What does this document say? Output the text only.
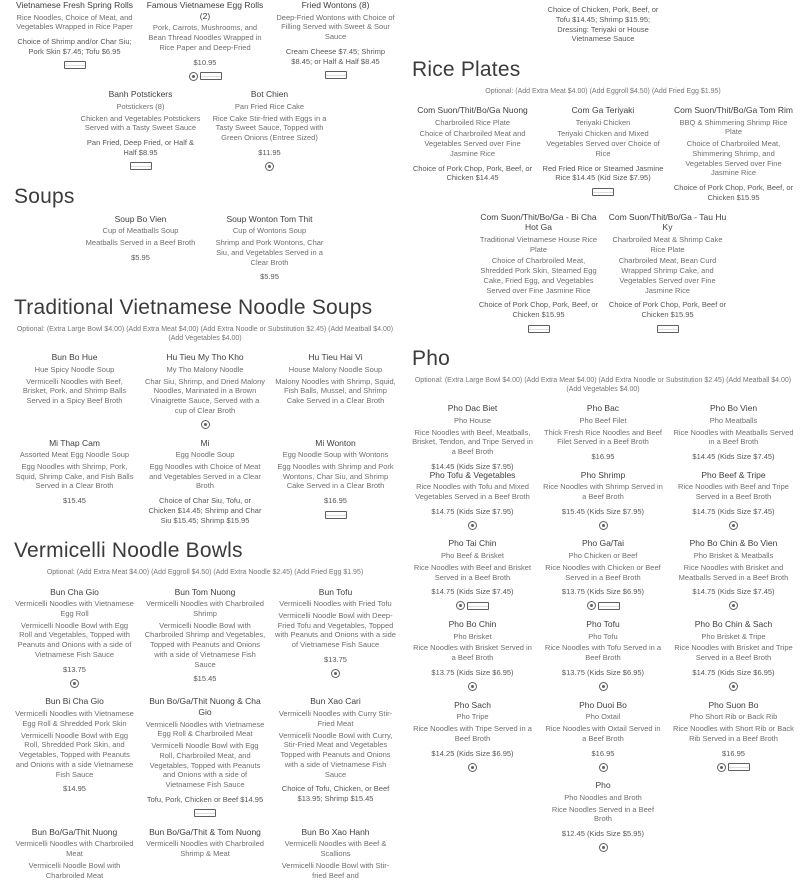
Vietnamese Fresh Spring Rolls
Rice Noodles, Choice of Meat, and Vegetables Wrapped in Rice Paper
Choice of Shrimp and/or Char Siu; Pork Skin $7.45; Tofu $6.95
Famous Vietnamese Egg Rolls (2)
Pork, Carrots, Mushrooms, and Bean Thread Noodles Wrapped in Rice Paper and Deep-Fried
$10.95
Fried Wontons (8)
Deep-Fried Wontons with Choice of Filling Served with Sweet & Sour Sauce
Cream Cheese $7.45; Shrimp $8.45; or Half & Half $8.45
Banh Potstickers
Potstickers (8)
Chicken and Vegetables Potstickers Served with a Tasty Sweet Sauce
Pan Fried, Deep Fried, or Half & Half $8.95
Bot Chien
Pan Fried Rice Cake
Rice Cake Stir-fried with Eggs in a Tasty Sweet Sauce, Topped with Green Onions (Entree Sized)
$11.95
Soups
Soup Bo Vien
Cup of Meatballs Soup
Meatballs Served in a Beef Broth
$5.95
Soup Wonton Tom Thit
Cup of Wontons Soup
Shrimp and Pork Wontons, Char Siu, and Vegetables Served in a Clear Broth
$5.95
Traditional Vietnamese Noodle Soups
Optional: (Extra Large Bowl $4.00) (Add Extra Meat $4.00) (Add Extra Noodle or Substitution $2.45) (Add Meatball $4.00) (Add Vegetables $4.00)
Bun Bo Hue
Hue Spicy Noodle Soup
Vermicelli Noodles with Beef, Brisket, Pork, and Shrimp Balls Served in a Spicy Beef Broth
Hu Tieu My Tho Kho
My Tho Malony Noodle
Char Siu, Shrimp, and Dried Malony Noodles, Marinated in a Brown Vinaigrette Sauce, Served with a cup of Clear Broth
Hu Tieu Hai Vi
House Malony Noodle Soup
Malony Noodles with Shrimp, Squid, Fish Balls, Mussel, and Shrimp Cake Served in a Clear Broth
Mi Thap Cam
Assorted Meat Egg Noodle Soup
Egg Noodles with Shrimp, Pork, Squid, Shrimp Cake, and Fish Balls Served in a Clear Broth
$15.45
Mi
Egg Noodle Soup
Egg Noodles with Choice of Meat and Vegetables Served in a Clear Broth
Choice of Char Siu, Tofu, or Chicken $14.45; Shrimp and Char Siu $15.45; Shrimp $15.95
Mi Wonton
Egg Noodle Soup with Wontons
Egg Noodles with Shrimp and Pork Wontons, Char Siu, and Shrimp Cake Served in a Clear Broth
$16.95
Vermicelli Noodle Bowls
Optional: (Add Extra Meat $4.00) (Add Eggroll $4.50) (Add Extra Noodle $2.45) (Add Fried Egg $1.95)
Bun Cha Gio
Vermicelli Noodles with Vietnamese Egg Roll
Vermicelli Noodle Bowl with Egg Roll and Vegetables, Topped with Peanuts and Onions with a side of Vietnamese Fish Sauce
$13.75
Bun Tom Nuong
Vermicelli Noodles with Charbroiled Shrimp
Vermicelli Noodle Bowl with Charbroiled Shrimp and Vegetables, Topped with Peanuts and Onions with a side of Vietnamese Fish Sauce
$15.45
Bun Tofu
Vermicelli Noodles with Fried Tofu
Vermicelli Noodle Bowl with Deep-Fried Tofu and Vegetables, Topped with Peanuts and Onions with a side of Vietnamese Fish Sauce
$13.75
Bun Bi Cha Gio
Vermicelli Noodles with Vietnamese Egg Roll & Shredded Pork Skin
Vermicelli Noodle Bowl with Egg Roll, Shredded Pork Skin, and Vegetables, Topped with Peanuts and Onions with a side Vietnamese Fish Sauce
$14.95
Bun Bo/Ga/Thit Nuong & Cha Gio
Vermicelli Noodles with Vietnamese Egg Roll & Charbroiled Meat
Vermicelli Noodle Bowl with Egg Roll, Charbroiled Meat, and Vegetables, Topped with Peanuts and Onions with a side of Vietnamese Fish Sauce
Tofu, Pork, Chicken or Beef $14.95
Bun Xao Cari
Vermicelli Noodles with Curry Stir-Fried Meat
Vermicelli Noodle Bowl with Curry, Stir-Fried Meat and Vegetables Topped with Peanuts and Onions with a side of Vietnamese Fish Sauce
Choice of Tofu, Chicken, or Beef $13.95; Shrimp $15.45
Bun Bo/Ga/Thit Nuong
Vermicelli Noodles with Charbroiled Meat
Vermicelli Noodle Bowl with Charbroiled Meat
Bun Bo/Ga/Thit & Tom Nuong
Vermicelli Noodles with Charbroiled Shrimp & Meat
Bun Bo Xao Hanh
Vermicelli Noodles with Beef & Scallions
Vermicelli Noodle Bowl with Stir-fried Beef and
Choice of Chicken, Pork, Beef, or Tofu $14.45; Shrimp $15.95; Dressing: Teriyaki or House Vietnamese Sauce
Rice Plates
Optional: (Add Extra Meat $4.00) (Add Eggroll $4.50) (Add Fried Egg $1.95)
Com Suon/Thit/Bo/Ga Nuong
Charbroiled Rice Plate
Choice of Charbroiled Meat and Vegetables Served over Fine Jasmine Rice
Choice of Pork Chop, Pork, Beef, or Chicken $14.45
Com Ga Teriyaki
Teriyaki Chicken
Teriyaki Chicken and Mixed Vegetables Served over Choice of Rice
Red Fried Rice or Steamed Jasmine Rice $14.45 (Kid Size $7.95)
Com Suon/Thit/Bo/Ga Tom Rim
BBQ & Shimmering Shrimp Rice Plate
Choice of Charbroiled Meat, Shimmering Shrimp, and Vegetables Served over Fine Jasmine Rice
Choice of Pork Chop, Pork, Beef, or Chicken $15.95
Com Suon/Thit/Bo/Ga - Bi Cha Hot Ga
Traditional Vietnamese House Rice Plate
Choice of Charbroiled Meat, Shredded Pork Skin, Steamed Egg Cake, Fried Egg, and Vegetables Served over Fine Jasmine Rice
Choice of Pork Chop, Pork, Beef, or Chicken $15.95
Com Suon/Thit/Bo/Ga - Tau Hu Ky
Charbroiled Meat & Shrimp Cake Rice Plate
Charbroiled Meat, Bean Curd Wrapped Shrimp Cake, and Vegetables Served over Fine Jasmine Rice
Choice of Pork Chop, Pork, Beef or Chicken $15.95
Pho
Optional: (Extra Large Bowl $4.00) (Add Extra Meat $4.00) (Add Extra Noodle or Substitution $2.45) (Add Meatball $4.00) (Add Vegetables $4.00)
Pho Dac Biet
Pho House
Rice Noodles with Beef, Meatballs, Brisket, Tendon, and Tripe Served in a Beef Broth
$14.45 (Kids Size $7.95)
Pho Bac
Pho Beef Filet
Thick Fresh Rice Noodles and Beef Filet Served in a Beef Broth
$16.95
Pho Bo Vien
Pho Meatballs
Rice Noodles with Meatballs Served in a Beef Broth
$14.45 (Kids Size $7.45)
Pho Tofu & Vegetables
Rice Noodles with Tofu and Mixed Vegetables Served in a Beef Broth
$14.75 (Kids Size $7.95)
Pho Shrimp
Rice Noodles with Shrimp Served in a Beef Broth
$15.45 (Kids Size $7.95)
Pho Beef & Tripe
Rice Noodles with Beef and Tripe Served in a Beef Broth
$14.75 (Kids Size $7.45)
Pho Tai Chin
Pho Beef & Brisket
Rice Noodles with Beef and Brisket Served in a Beef Broth
$14.75 (Kids Size $7.45)
Pho Ga/Tai
Pho Chicken or Beef
Rice Noodles with Chicken or Beef Served in a Beef Broth
$13.75 (Kids Size $6.95)
Pho Bo Chin & Bo Vien
Pho Brisket & Meatballs
Rice Noodles with Brisket and Meatballs Served in a Beef Broth
$14.75 (Kids Size $7.45)
Pho Bo Chin
Pho Brisket
Rice Noodles with Brisket Served in a Beef Broth
$13.75 (Kids Size $6.95)
Pho Tofu
Pho Tofu
Rice Noodles with Tofu Served in a Beef Broth
$13.75 (Kids Size $6.95)
Pho Bo Chin & Sach
Pho Brisket & Tripe
Rice Noodles with Brisket and Tripe Served in a Beef Broth
$14.75 (Kids Size $6.95)
Pho Sach
Pho Tripe
Rice Noodles with Tripe Served in a Beef Broth
$14.25 (Kids Size $6.95)
Pho Duoi Bo
Pho Oxtail
Rice Noodles with Oxtail Served in a Beef Broth
$16.95
Pho Suon Bo
Pho Short Rib or Back Rib
Rice Noodles with Short Rib or Back Rib Served in a Beef Broth
$16.95
Pho
Pho Noodles and Broth
Rice Noodles Served in a Beef Broth
$12.45 (Kids Size $5.95)
